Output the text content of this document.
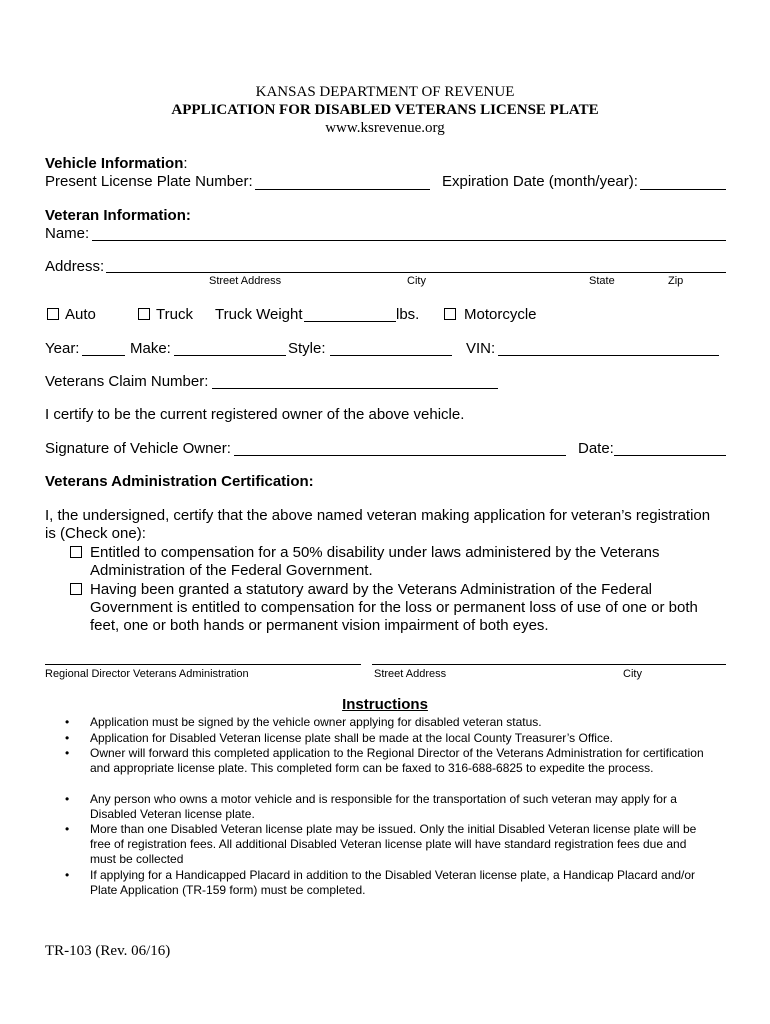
KANSAS DEPARTMENT OF REVENUE
APPLICATION FOR DISABLED VETERANS LICENSE PLATE
www.ksrevenue.org
Vehicle Information:
Present License Plate Number:	Expiration Date (month/year):
Veteran Information:
Name:
Address:
Street Address	City	State	Zip
Auto	Truck Truck Weight	lbs.	Motorcycle
Year:	Make:	Style:	VIN:
Veterans Claim Number:
I certify to be the current registered owner of the above vehicle.
Signature of Vehicle Owner:	Date:
Veterans Administration Certification:
I, the undersigned, certify that the above named veteran making application for veteran’s registration is (Check one):
Entitled to compensation for a 50% disability under laws administered by the Veterans Administration of the Federal Government.
Having been granted a statutory award by the Veterans Administration of the Federal Government is entitled to compensation for the loss or permanent loss of use of one or both feet, one or both hands or permanent vision impairment of both eyes.
Regional Director Veterans Administration	Street Address	City
Instructions
• Application must be signed by the vehicle owner applying for disabled veteran status.
• Application for Disabled Veteran license plate shall be made at the local County Treasurer’s Office.
• Owner will forward this completed application to the Regional Director of the Veterans Administration for certification and appropriate license plate. This completed form can be faxed to 316-688-6825 to expedite the process.
• Any person who owns a motor vehicle and is responsible for the transportation of such veteran may apply for a Disabled Veteran license plate.
• More than one Disabled Veteran license plate may be issued. Only the initial Disabled Veteran license plate will be free of registration fees. All additional Disabled Veteran license plate will have standard registration fees due and must be collected
• If applying for a Handicapped Placard in addition to the Disabled Veteran license plate, a Handicap Placard and/or Plate Application (TR-159 form) must be completed.
TR-103 (Rev. 06/16)
